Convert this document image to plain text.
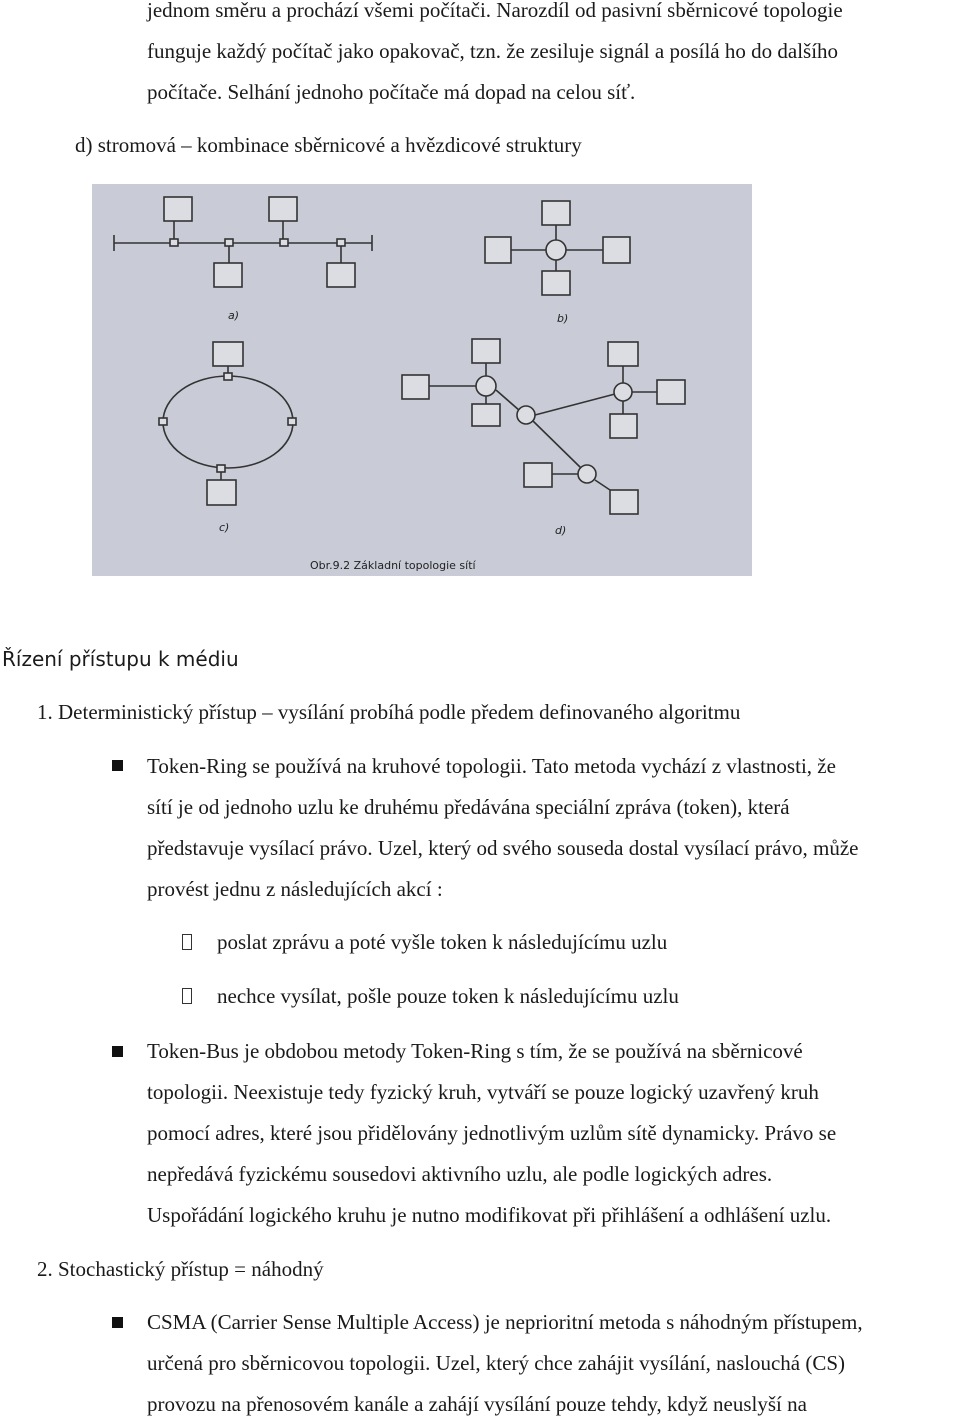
jednom směru a prochází všemi počítači. Narozdíl od pasivní sběrnicové topologie
funguje každý počítač jako opakovač, tzn. že zesiluje signál a posílá ho do dalšího
počítače. Selhání jednoho počítače má dopad na celou síť.
d) stromová – kombinace sběrnicové a hvězdicové struktury
a)	b)
c)	d)
Obr.9.2 Základní topologie sítí
Řízení přístupu k médiu
1. Deterministický přístup – vysílání probíhá podle předem definovaného algoritmu
Token-Ring se používá na kruhové topologii. Tato metoda vychází z vlastnosti, že
sítí je od jednoho uzlu ke druhému předávána speciální zpráva (token), která
představuje vysílací právo. Uzel, který od svého souseda dostal vysílací právo, může
provést jednu z následujících akcí :
poslat zprávu a poté vyšle token k následujícímu uzlu
nechce vysílat, pošle pouze token k následujícímu uzlu
Token-Bus je obdobou metody Token-Ring s tím, že se používá na sběrnicové
topologii. Neexistuje tedy fyzický kruh, vytváří se pouze logický uzavřený kruh
pomocí adres, které jsou přidělovány jednotlivým uzlům sítě dynamicky. Právo se
nepředává fyzickému sousedovi aktivního uzlu, ale podle logických adres.
Uspořádání logického kruhu je nutno modifikovat při přihlášení a odhlášení uzlu.
2. Stochastický přístup = náhodný
CSMA (Carrier Sense Multiple Access) je neprioritní metoda s náhodným přístupem,
určená pro sběrnicovou topologii. Uzel, který chce zahájit vysílání, naslouchá (CS)
provozu na přenosovém kanále a zahájí vysílání pouze tehdy, když neuslyší na
